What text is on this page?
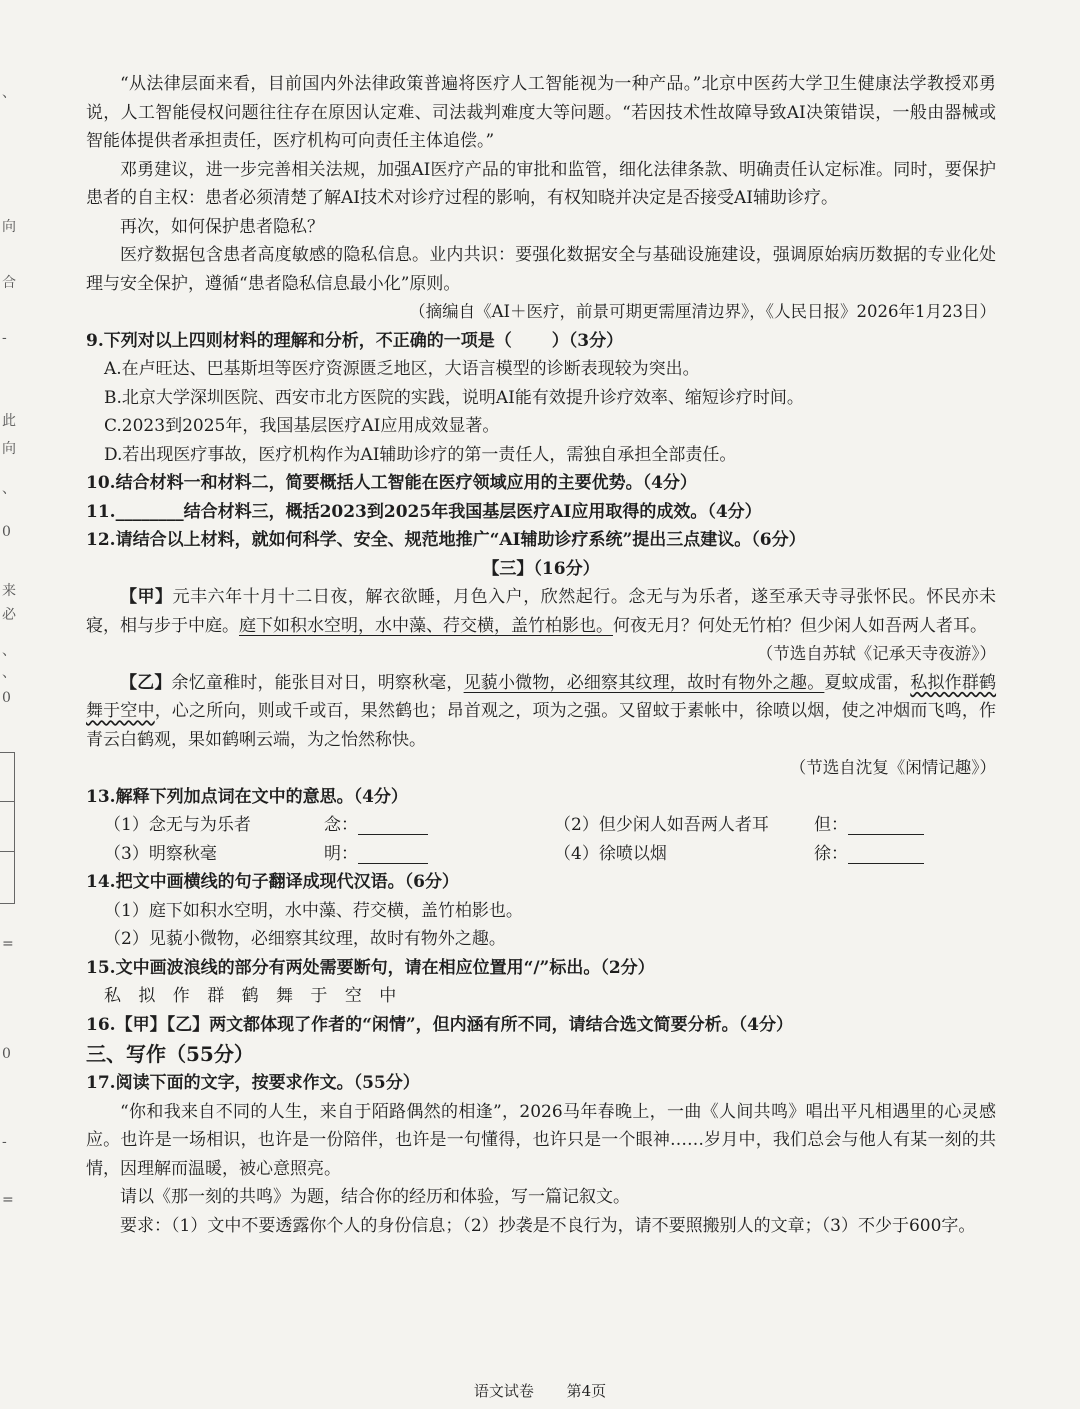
、
向
合
-
此
向
、
0
来
必
、
、
0
=
0
-
=

“从法律层面来看，目前国内外法律政策普遍将医疗人工智能视为一种产品。”北京中医药大学卫生健康法学教授邓勇说，人工智能侵权问题往往存在原因认定难、司法裁判难度大等问题。“若因技术性故障导致AI决策错误，一般由器械或智能体提供者承担责任，医疗机构可向责任主体追偿。”

邓勇建议，进一步完善相关法规，加强AI医疗产品的审批和监管，细化法律条款、明确责任认定标准。同时，要保护患者的自主权：患者必须清楚了解AI技术对诊疗过程的影响，有权知晓并决定是否接受AI辅助诊疗。

再次，如何保护患者隐私？

医疗数据包含患者高度敏感的隐私信息。业内共识：要强化数据安全与基础设施建设，强调原始病历数据的专业化处理与安全保护，遵循“患者隐私信息最小化”原则。

（摘编自《AI＋医疗，前景可期更需厘清边界》，《人民日报》2026年1月23日）

9.下列对以上四则材料的理解和分析，不正确的一项是（ ）（3分）

A.在卢旺达、巴基斯坦等医疗资源匮乏地区，大语言模型的诊断表现较为突出。

B.北京大学深圳医院、西安市北方医院的实践，说明AI能有效提升诊疗效率、缩短诊疗时间。

C.2023到2025年，我国基层医疗AI应用成效显著。

D.若出现医疗事故，医疗机构作为AI辅助诊疗的第一责任人，需独自承担全部责任。

10.结合材料一和材料二，简要概括人工智能在医疗领域应用的主要优势。（4分）

11.________结合材料三，概括2023到2025年我国基层医疗AI应用取得的成效。（4分）

12.请结合以上材料，就如何科学、安全、规范地推广“AI辅助诊疗系统”提出三点建议。（6分）

【三】（16分）

【甲】元丰六年十月十二日夜，解衣欲睡，月色入户，欣然起行。念无与为乐者，遂至承天寺寻张怀民。怀民亦未寝，相与步于中庭。庭下如积水空明，水中藻、荇交横，盖竹柏影也。何夜无月？何处无竹柏？但少闲人如吾两人者耳。

（节选自苏轼《记承天寺夜游》）

【乙】余忆童稚时，能张目对日，明察秋毫，见藐小微物，必细察其纹理，故时有物外之趣。夏蚊成雷，私拟作群鹤舞于空中，心之所向，则或千或百，果然鹤也；昂首观之，项为之强。又留蚊于素帐中，徐喷以烟，使之冲烟而飞鸣，作青云白鹤观，果如鹤唎云端，为之怡然称快。

（节选自沈复《闲情记趣》）

13.解释下列加点词在文中的意思。（4分）

（1）念无与为乐者	念：	（2）但少闲人如吾两人者耳	但：
（3）明察秋毫	明：	（4）徐喷以烟	徐：

14.把文中画横线的句子翻译成现代汉语。（6分）

（1）庭下如积水空明，水中藻、荇交横，盖竹柏影也。

（2）见藐小微物，必细察其纹理，故时有物外之趣。

15.文中画波浪线的部分有两处需要断句，请在相应位置用“/”标出。（2分）

私 拟 作 群 鹤 舞 于 空 中

16.【甲】【乙】两文都体现了作者的“闲情”，但内涵有所不同，请结合选文简要分析。（4分）

三、写作（55分）

17.阅读下面的文字，按要求作文。（55分）

“你和我来自不同的人生，来自于陌路偶然的相逢”，2026马年春晚上，一曲《人间共鸣》唱出平凡相遇里的心灵感应。也许是一场相识，也许是一份陪伴，也许是一句懂得，也许只是一个眼神……岁月中，我们总会与他人有某一刻的共情，因理解而温暖，被心意照亮。

请以《那一刻的共鸣》为题，结合你的经历和体验，写一篇记叙文。

要求：（1）文中不要透露你个人的身份信息；（2）抄袭是不良行为，请不要照搬别人的文章；（3）不少于600字。

语文试卷 第4页
